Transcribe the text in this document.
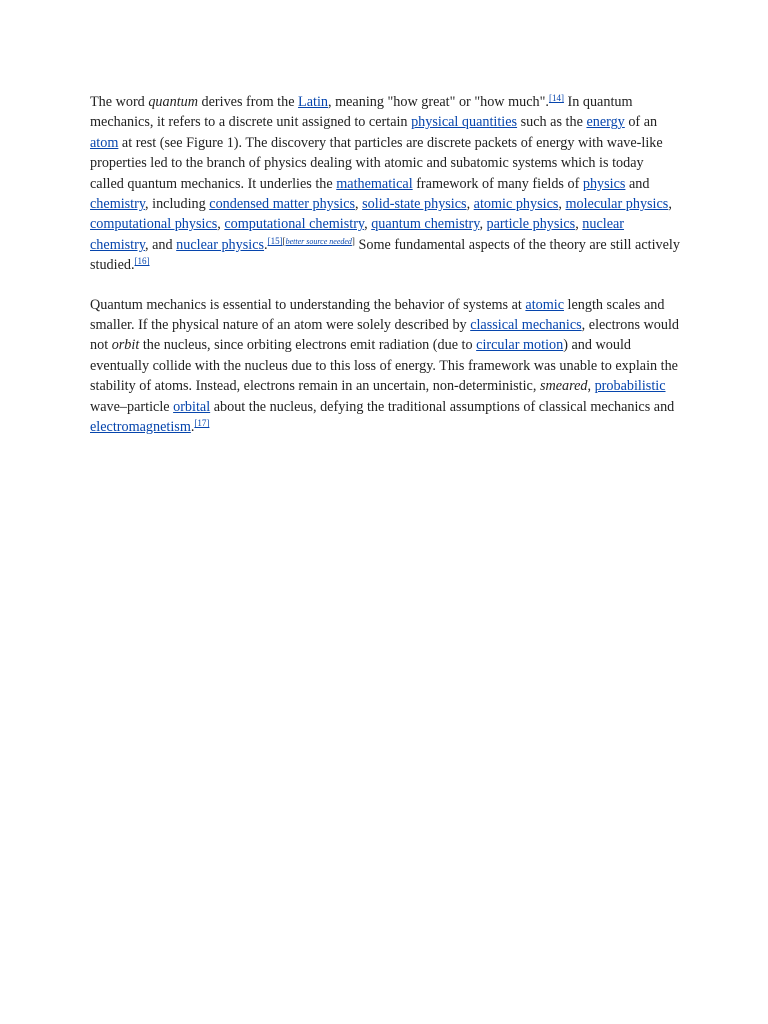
The word quantum derives from the Latin, meaning "how great" or "how much".[14] In quantum mechanics, it refers to a discrete unit assigned to certain physical quantities such as the energy of an atom at rest (see Figure 1). The discovery that particles are discrete packets of energy with wave-like properties led to the branch of physics dealing with atomic and subatomic systems which is today called quantum mechanics. It underlies the mathematical framework of many fields of physics and chemistry, including condensed matter physics, solid-state physics, atomic physics, molecular physics, computational physics, computational chemistry, quantum chemistry, particle physics, nuclear chemistry, and nuclear physics.[15][better source needed] Some fundamental aspects of the theory are still actively studied.[16]

Quantum mechanics is essential to understanding the behavior of systems at atomic length scales and smaller. If the physical nature of an atom were solely described by classical mechanics, electrons would not orbit the nucleus, since orbiting electrons emit radiation (due to circular motion) and would eventually collide with the nucleus due to this loss of energy. This framework was unable to explain the stability of atoms. Instead, electrons remain in an uncertain, non-deterministic, smeared, probabilistic wave–particle orbital about the nucleus, defying the traditional assumptions of classical mechanics and electromagnetism.[17]
